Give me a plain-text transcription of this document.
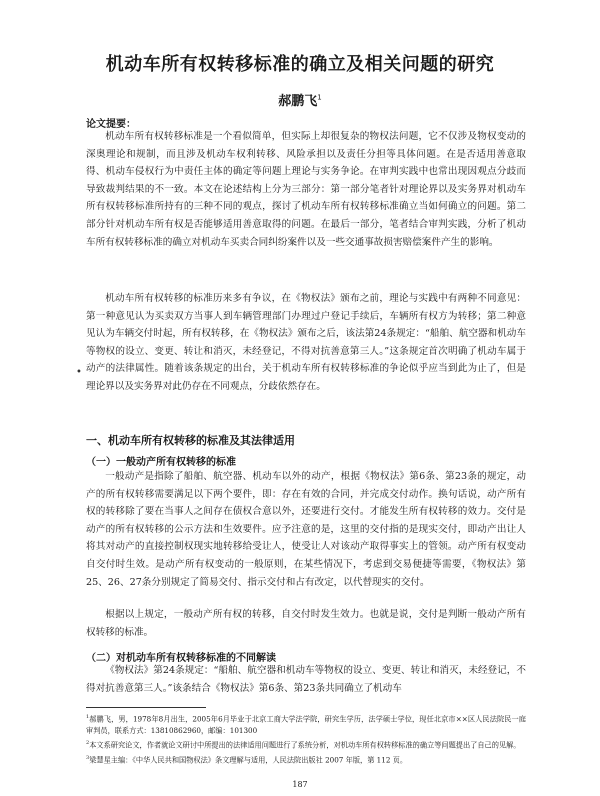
机动车所有权转移标准的确立及相关问题的研究
郝鹏飞$^1$
论文提要：

机动车所有权转移标准是一个看似简单，但实际上却很复杂的物权法问题，它不仅涉及物权变动的深奥理论和规制，而且涉及机动车权利转移、风险承担以及责任分担等具体问题。在是否适用善意取得、机动车侵权行为中责任主体的确定等问题上理论与实务争论。在审判实践中也常出现因观点分歧而导致裁判结果的不一致。本文在论述结构上分为三部分：第一部分笔者针对理论界以及实务界对机动车所有权转移标准所持有的三种不同的观点，探讨了机动车所有权转移标准确立当如何确立的问题。第二部分针对机动车所有权是否能够适用善意取得的问题。在最后一部分，笔者结合审判实践，分析了机动车所有权转移标准的确立对机动车买卖合同纠纷案件以及一些交通事故损害赔偿案件产生的影响。

机动车所有权转移的标准历来多有争议，在《物权法》颁布之前，理论与实践中有两种不同意见：第一种意见认为买卖双方当事人到车辆管理部门办理过户登记手续后，车辆所有权方为转移；第二种意见认为车辆交付时起，所有权转移，在《物权法》颁布之后，该法第24条规定：“船舶、航空器和机动车等物权的设立、变更、转让和消灭，未经登记，不得对抗善意第三人。”这条规定首次明确了机动车属于动产的法律属性。随着该条规定的出台，关于机动车所有权转移标准的争论似乎应当到此为止了，但是理论界以及实务界对此仍存在不同观点，分歧依然存在。

•
一、机动车所有权转移的标准及其法律适用
（一）一般动产所有权转移的标准

一般动产是指除了船舶、航空器、机动车以外的动产，根据《物权法》第6条、第23条的规定，动产的所有权转移需要满足以下两个要件，即：存在有效的合同，并完成交付动作。换句话说，动产所有权的转移除了要在当事人之间存在债权合意以外，还要进行交付。才能发生所有权转移的效力。交付是动产的所有权转移的公示方法和生效要件。应予注意的是，这里的交付指的是现实交付，即动产出让人将其对动产的直接控制权现实地转移给受让人，使受让人对该动产取得事实上的管领。动产所有权变动自交付时生效。是动产所有权变动的一般原则，在某些情况下，考虑到交易便捷等需要，《物权法》第25、26、27条分别规定了简易交付、指示交付和占有改定，以代替现实的交付。

根据以上规定，一般动产所有权的转移，自交付时发生效力。也就是说，交付是判断一般动产所有权转移的标准。

（二）对机动车所有权转移标准的不同解读

《物权法》第24条规定：“船舶、航空器和机动车等物权的设立、变更、转让和消灭，未经登记，不得对抗善意第三人。”该条结合《物权法》第6条、第23条共同确立了机动车

$^1$郝鹏飞，男，1978年8月出生，2005年6月毕业于北京工商大学法学院，研究生学历，法学硕士学位，现任北京市××区人民法院民一庭审判员，联系方式：13810862960，邮编：101300

$^2$本文系研究论文，作者就论文研讨中所提出的法律适用问题进行了系统分析，对机动车所有权转移标准的确立等问题提出了自己的见解。

$^3$梁慧星主编：《中华人民共和国物权法》条文理解与适用，人民法院出版社 2007 年版，第 112 页。

187
